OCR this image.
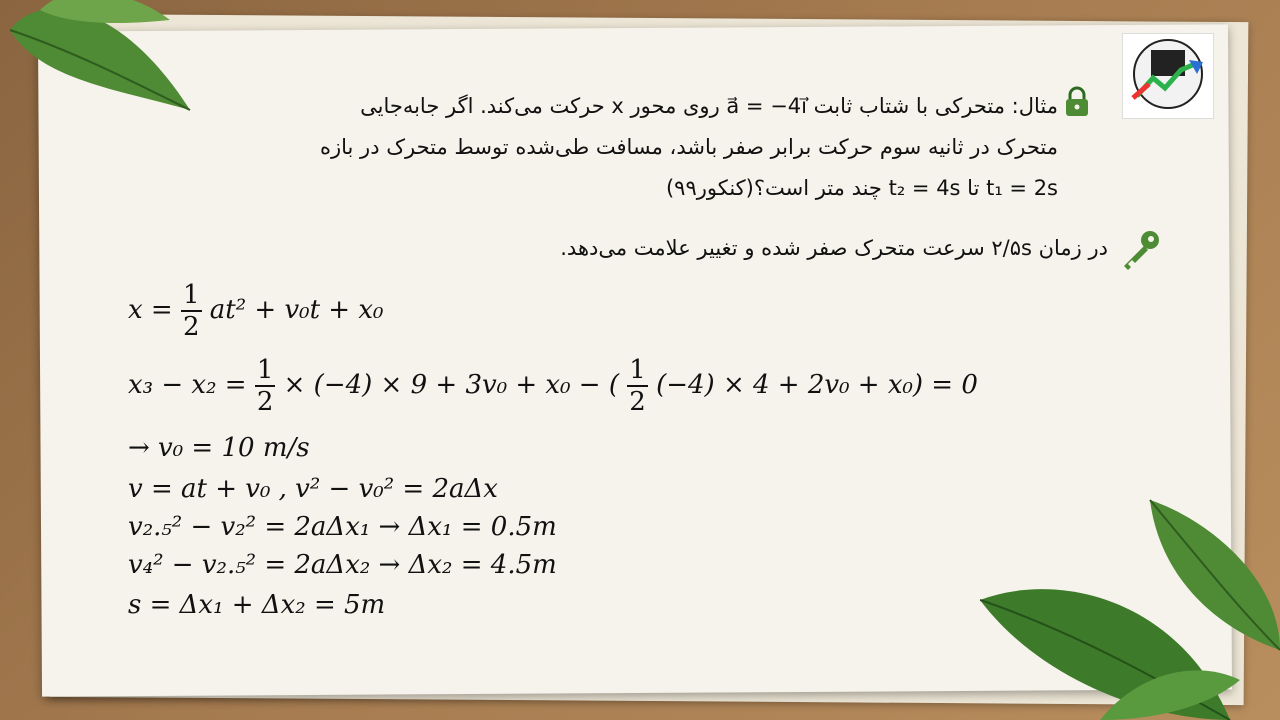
مثال: متحرکی با شتاب ثابت a⃗ = −4i⃗ روی محور x حرکت می‌کند. اگر جابه‌جایی
متحرک در ثانیه سوم حرکت برابر صفر باشد، مسافت طی‌شده توسط متحرک در بازه
t₁ = 2s تا t₂ = 4s چند متر است؟(کنکور۹۹)
در زمان ۲/۵s سرعت متحرک صفر شده و تغییر علامت می‌دهد.
$x = \frac{1}{2} at^2 + v_0t + x_0$
$x_3 - x_2 = \frac{1}{2} \times (-4) \times 9 + 3v_0 + x_0$ − ( $\frac{1}{2} (-4) \times 4 + 2v_0 + x_0) = 0$
→ v₀ = 10 m/s
v = at + v₀ , v² − v₀² = 2aΔx
v₂.₅² − v₂² = 2aΔx₁ → Δx₁ = 0.5m
v₄² − v₂.₅² = 2aΔx₂ → Δx₂ = 4.5m
s = Δx₁ + Δx₂ = 5m
